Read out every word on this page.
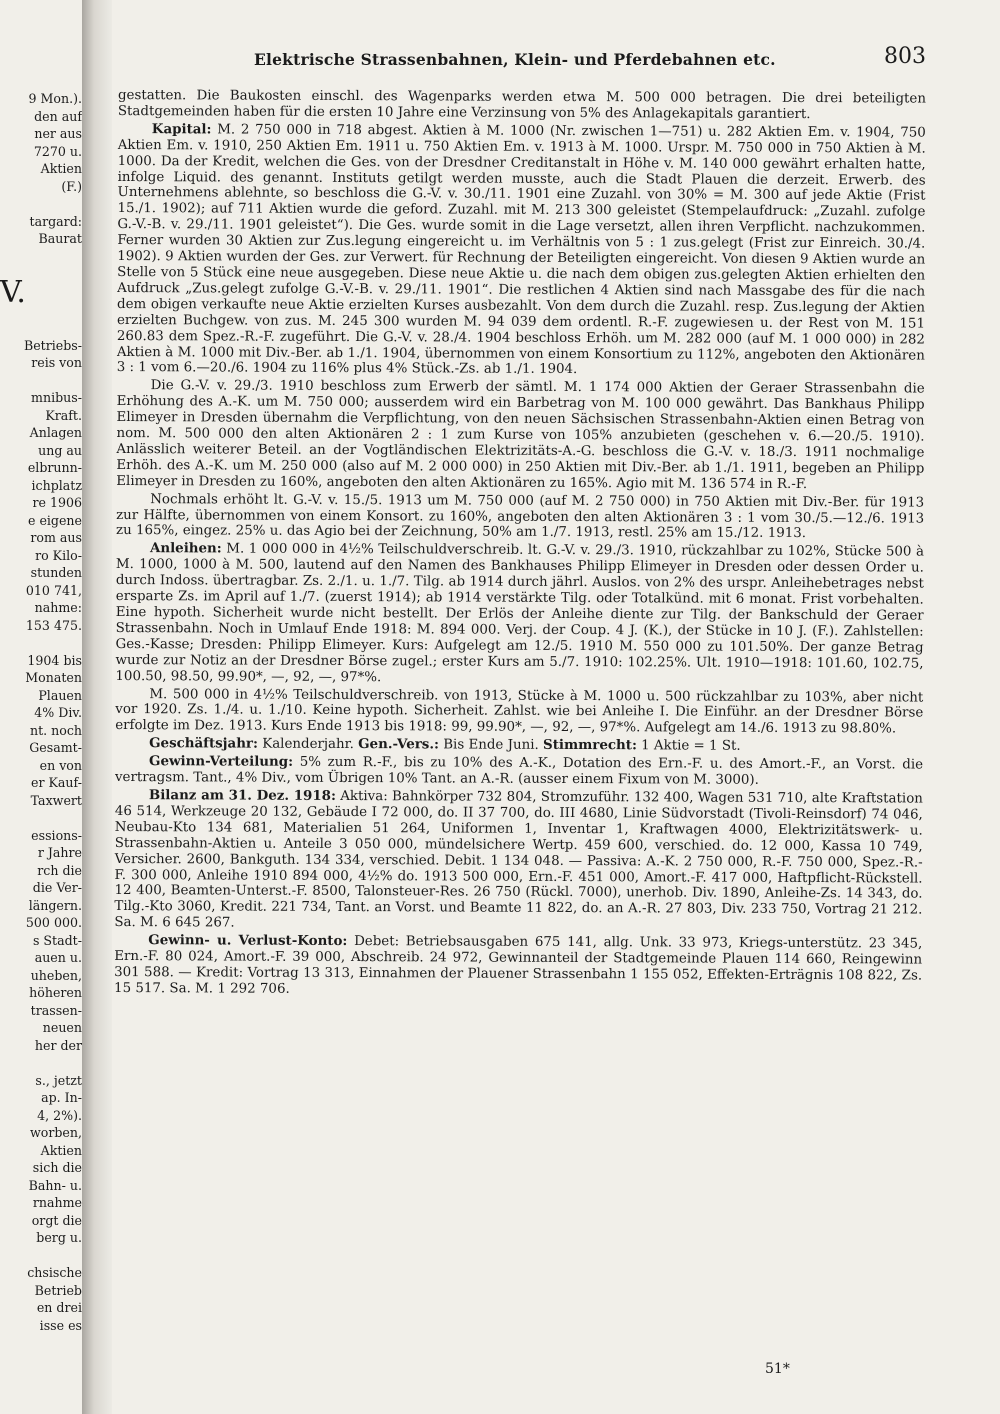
9 Mon.).
den auf
ner aus
7270 u.
Aktien
(F.)

targard:
Baurat

V.

Betriebs-
reis von

mnibus-
Kraft.
Anlagen
ung au
elbrunn-
ichplatz
re 1906
e eigene
rom aus
ro Kilo-
stunden
010 741,
nahme:
153 475.

1904 bis
Monaten
Plauen
4% Div.
nt. noch
Gesamt-
en von
er Kauf-
Taxwert

essions-
r Jahre
rch die
die Ver-
längern.
500 000.
s Stadt-
auen u.
uheben,
höheren
trassen-
neuen
her der

s., jetzt
ap. In-
4, 2%).
worben,
Aktien
sich die
Bahn- u.
rnahme
orgt die
berg u.

chsische
Betrieb
en drei
isse es
Elektrische Strassenbahnen, Klein- und Pferdebahnen etc.	803

gestatten. Die Baukosten einschl. des Wagenparks werden etwa M. 500 000 betragen. Die drei beteiligten Stadtgemeinden haben für die ersten 10 Jahre eine Verzinsung von 5% des Anlagekapitals garantiert.

Kapital: M. 2 750 000 in 718 abgest. Aktien à M. 1000 (Nr. zwischen 1—751) u. 282 Aktien Em. v. 1904, 750 Aktien Em. v. 1910, 250 Aktien Em. 1911 u. 750 Aktien Em. v. 1913 à M. 1000. Urspr. M. 750 000 in 750 Aktien à M. 1000. Da der Kredit, welchen die Ges. von der Dresdner Creditanstalt in Höhe v. M. 140 000 gewährt erhalten hatte, infolge Liquid. des genannt. Instituts getilgt werden musste, auch die Stadt Plauen die derzeit. Erwerb. des Unternehmens ablehnte, so beschloss die G.-V. v. 30./11. 1901 eine Zuzahl. von 30% = M. 300 auf jede Aktie (Frist 15./1. 1902); auf 711 Aktien wurde die geford. Zuzahl. mit M. 213 300 geleistet (Stempelaufdruck: „Zuzahl. zufolge G.-V.-B. v. 29./11. 1901 geleistet“). Die Ges. wurde somit in die Lage versetzt, allen ihren Verpflicht. nachzukommen. Ferner wurden 30 Aktien zur Zus.legung eingereicht u. im Verhältnis von 5 : 1 zus.gelegt (Frist zur Einreich. 30./4. 1902). 9 Aktien wurden der Ges. zur Verwert. für Rechnung der Beteiligten eingereicht. Von diesen 9 Aktien wurde an Stelle von 5 Stück eine neue ausgegeben. Diese neue Aktie u. die nach dem obigen zus.gelegten Aktien erhielten den Aufdruck „Zus.gelegt zufolge G.-V.-B. v. 29./11. 1901“. Die restlichen 4 Aktien sind nach Massgabe des für die nach dem obigen verkaufte neue Aktie erzielten Kurses ausbezahlt. Von dem durch die Zuzahl. resp. Zus.legung der Aktien erzielten Buchgew. von zus. M. 245 300 wurden M. 94 039 dem ordentl. R.-F. zugewiesen u. der Rest von M. 151 260.83 dem Spez.-R.-F. zugeführt. Die G.-V. v. 28./4. 1904 beschloss Erhöh. um M. 282 000 (auf M. 1 000 000) in 282 Aktien à M. 1000 mit Div.-Ber. ab 1./1. 1904, übernommen von einem Konsortium zu 112%, angeboten den Aktionären 3 : 1 vom 6.—20./6. 1904 zu 116% plus 4% Stück.-Zs. ab 1./1. 1904.

Die G.-V. v. 29./3. 1910 beschloss zum Erwerb der sämtl. M. 1 174 000 Aktien der Geraer Strassenbahn die Erhöhung des A.-K. um M. 750 000; ausserdem wird ein Barbetrag von M. 100 000 gewährt. Das Bankhaus Philipp Elimeyer in Dresden übernahm die Verpflichtung, von den neuen Sächsischen Strassenbahn-Aktien einen Betrag von nom. M. 500 000 den alten Aktionären 2 : 1 zum Kurse von 105% anzubieten (geschehen v. 6.—20./5. 1910). Anlässlich weiterer Beteil. an der Vogtländischen Elektrizitäts-A.-G. beschloss die G.-V. v. 18./3. 1911 nochmalige Erhöh. des A.-K. um M. 250 000 (also auf M. 2 000 000) in 250 Aktien mit Div.-Ber. ab 1./1. 1911, begeben an Philipp Elimeyer in Dresden zu 160%, angeboten den alten Aktionären zu 165%. Agio mit M. 136 574 in R.-F.

Nochmals erhöht lt. G.-V. v. 15./5. 1913 um M. 750 000 (auf M. 2 750 000) in 750 Aktien mit Div.-Ber. für 1913 zur Hälfte, übernommen von einem Konsort. zu 160%, angeboten den alten Aktionären 3 : 1 vom 30./5.—12./6. 1913 zu 165%, eingez. 25% u. das Agio bei der Zeichnung, 50% am 1./7. 1913, restl. 25% am 15./12. 1913.

Anleihen: M. 1 000 000 in 4½% Teilschuldverschreib. lt. G.-V. v. 29./3. 1910, rückzahlbar zu 102%, Stücke 500 à M. 1000, 1000 à M. 500, lautend auf den Namen des Bankhauses Philipp Elimeyer in Dresden oder dessen Order u. durch Indoss. übertragbar. Zs. 2./1. u. 1./7. Tilg. ab 1914 durch jährl. Auslos. von 2% des urspr. Anleihebetrages nebst ersparte Zs. im April auf 1./7. (zuerst 1914); ab 1914 verstärkte Tilg. oder Totalkünd. mit 6 monat. Frist vorbehalten. Eine hypoth. Sicherheit wurde nicht bestellt. Der Erlös der Anleihe diente zur Tilg. der Bankschuld der Geraer Strassenbahn. Noch in Umlauf Ende 1918: M. 894 000. Verj. der Coup. 4 J. (K.), der Stücke in 10 J. (F.). Zahlstellen: Ges.-Kasse; Dresden: Philipp Elimeyer. Kurs: Aufgelegt am 12./5. 1910 M. 550 000 zu 101.50%. Der ganze Betrag wurde zur Notiz an der Dresdner Börse zugel.; erster Kurs am 5./7. 1910: 102.25%. Ult. 1910—1918: 101.60, 102.75, 100.50, 98.50, 99.90*, —, 92, —, 97*%.

M. 500 000 in 4½% Teilschuldverschreib. von 1913, Stücke à M. 1000 u. 500 rückzahlbar zu 103%, aber nicht vor 1920. Zs. 1./4. u. 1./10. Keine hypoth. Sicherheit. Zahlst. wie bei Anleihe I. Die Einführ. an der Dresdner Börse erfolgte im Dez. 1913. Kurs Ende 1913 bis 1918: 99, 99.90*, —, 92, —, 97*%. Aufgelegt am 14./6. 1913 zu 98.80%.

Geschäftsjahr: Kalenderjahr. Gen.-Vers.: Bis Ende Juni. Stimmrecht: 1 Aktie = 1 St.

Gewinn-Verteilung: 5% zum R.-F., bis zu 10% des A.-K., Dotation des Ern.-F. u. des Amort.-F., an Vorst. die vertragsm. Tant., 4% Div., vom Übrigen 10% Tant. an A.-R. (ausser einem Fixum von M. 3000).

Bilanz am 31. Dez. 1918: Aktiva: Bahnkörper 732 804, Stromzuführ. 132 400, Wagen 531 710, alte Kraftstation 46 514, Werkzeuge 20 132, Gebäude I 72 000, do. II 37 700, do. III 4680, Linie Südvorstadt (Tivoli-Reinsdorf) 74 046, Neubau-Kto 134 681, Materialien 51 264, Uniformen 1, Inventar 1, Kraftwagen 4000, Elektrizitätswerk- u. Strassenbahn-Aktien u. Anteile 3 050 000, mündelsichere Wertp. 459 600, verschied. do. 12 000, Kassa 10 749, Versicher. 2600, Bankguth. 134 334, verschied. Debit. 1 134 048. — Passiva: A.-K. 2 750 000, R.-F. 750 000, Spez.-R.-F. 300 000, Anleihe 1910 894 000, 4½% do. 1913 500 000, Ern.-F. 451 000, Amort.-F. 417 000, Haftpflicht-Rückstell. 12 400, Beamten-Unterst.-F. 8500, Talonsteuer-Res. 26 750 (Rückl. 7000), unerhob. Div. 1890, Anleihe-Zs. 14 343, do. Tilg.-Kto 3060, Kredit. 221 734, Tant. an Vorst. und Beamte 11 822, do. an A.-R. 27 803, Div. 233 750, Vortrag 21 212. Sa. M. 6 645 267.

Gewinn- u. Verlust-Konto: Debet: Betriebsausgaben 675 141, allg. Unk. 33 973, Kriegs-unterstütz. 23 345, Ern.-F. 80 024, Amort.-F. 39 000, Abschreib. 24 972, Gewinnanteil der Stadtgemeinde Plauen 114 660, Reingewinn 301 588. — Kredit: Vortrag 13 313, Einnahmen der Plauener Strassenbahn 1 155 052, Effekten-Erträgnis 108 822, Zs. 15 517. Sa. M. 1 292 706.

51*
